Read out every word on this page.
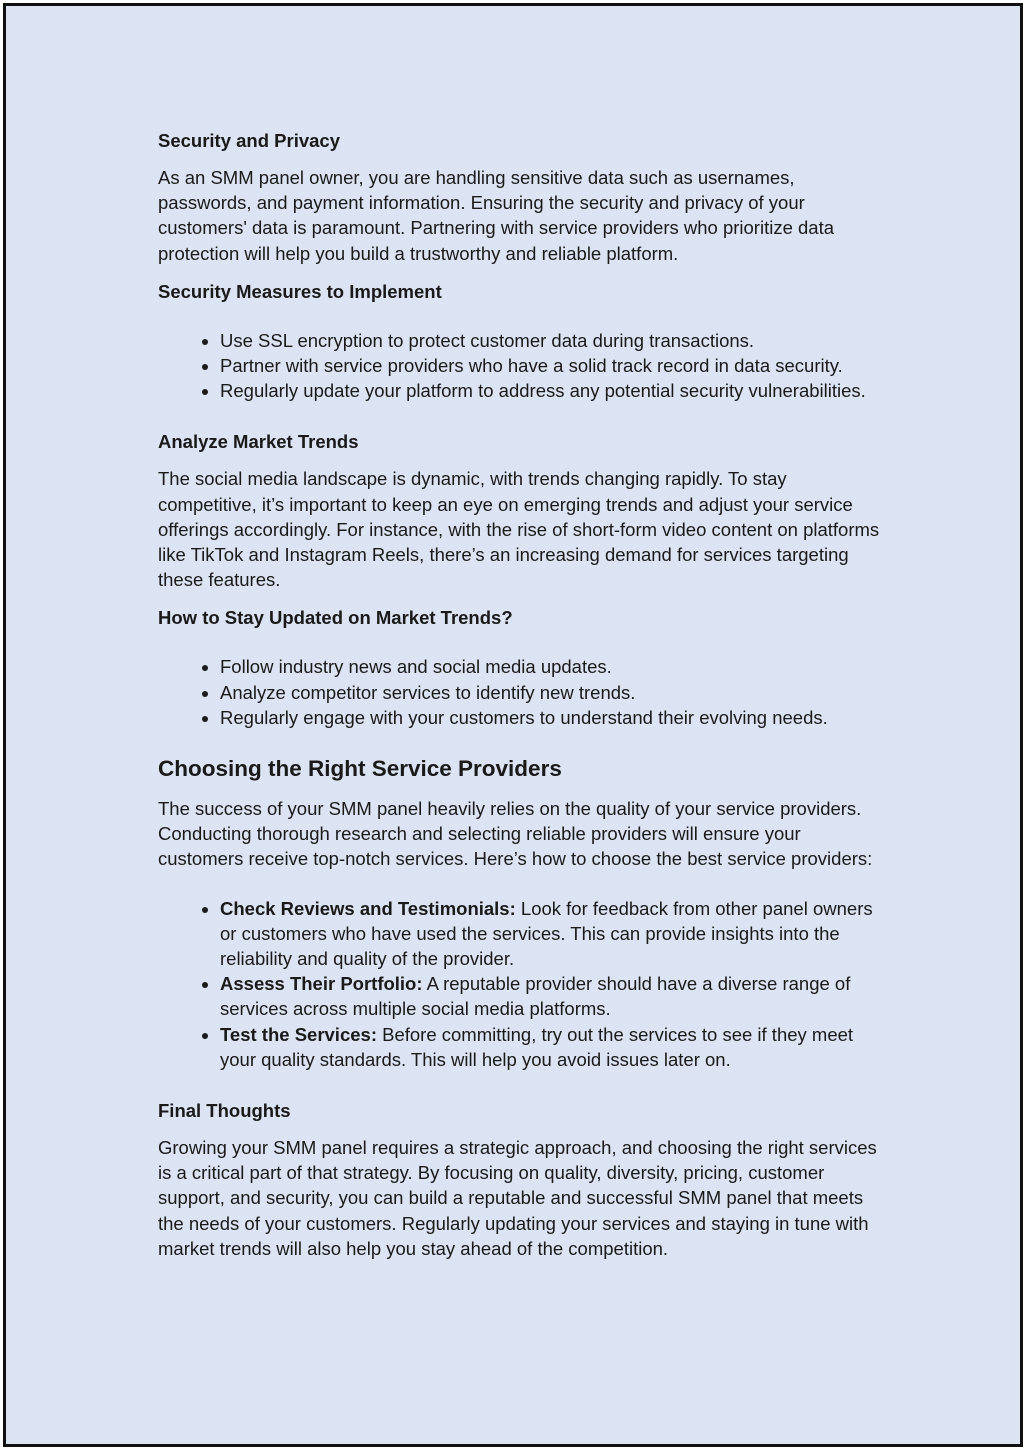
Security and Privacy

As an SMM panel owner, you are handling sensitive data such as usernames, passwords, and payment information. Ensuring the security and privacy of your customers' data is paramount. Partnering with service providers who prioritize data protection will help you build a trustworthy and reliable platform.

Security Measures to Implement
• Use SSL encryption to protect customer data during transactions.
• Partner with service providers who have a solid track record in data security.
• Regularly update your platform to address any potential security vulnerabilities.
Analyze Market Trends

The social media landscape is dynamic, with trends changing rapidly. To stay competitive, it’s important to keep an eye on emerging trends and adjust your service offerings accordingly. For instance, with the rise of short-form video content on platforms like TikTok and Instagram Reels, there’s an increasing demand for services targeting these features.

How to Stay Updated on Market Trends?
• Follow industry news and social media updates.
• Analyze competitor services to identify new trends.
• Regularly engage with your customers to understand their evolving needs.
Choosing the Right Service Providers

The success of your SMM panel heavily relies on the quality of your service providers. Conducting thorough research and selecting reliable providers will ensure your customers receive top-notch services. Here’s how to choose the best service providers:

• Check Reviews and Testimonials: Look for feedback from other panel owners or customers who have used the services. This can provide insights into the reliability and quality of the provider.
• Assess Their Portfolio: A reputable provider should have a diverse range of services across multiple social media platforms.
• Test the Services: Before committing, try out the services to see if they meet your quality standards. This will help you avoid issues later on.
Final Thoughts

Growing your SMM panel requires a strategic approach, and choosing the right services is a critical part of that strategy. By focusing on quality, diversity, pricing, customer support, and security, you can build a reputable and successful SMM panel that meets the needs of your customers. Regularly updating your services and staying in tune with market trends will also help you stay ahead of the competition.
